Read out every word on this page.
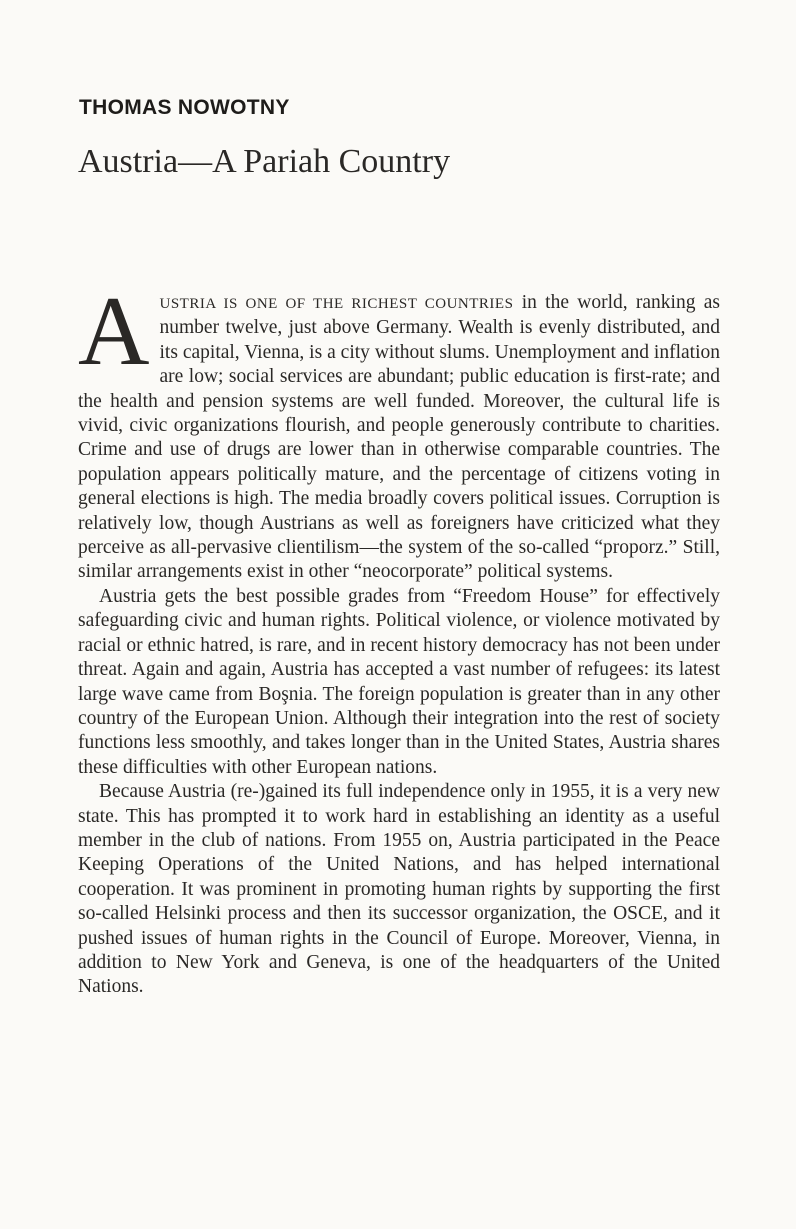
THOMAS NOWOTNY
Austria—A Pariah Country

AUSTRIA IS ONE OF THE RICHEST COUNTRIES in the world, ranking as number twelve, just above Germany. Wealth is evenly distributed, and its capital, Vienna, is a city without slums. Unemployment and inflation are low; social services are abundant; public education is first-rate; and the health and pension systems are well funded. Moreover, the cultural life is vivid, civic organizations flourish, and people generously contribute to charities. Crime and use of drugs are lower than in otherwise comparable countries. The population appears politically mature, and the percentage of citizens voting in general elections is high. The media broadly covers political issues. Corruption is relatively low, though Austrians as well as foreigners have criticized what they perceive as all-pervasive clientilism—the system of the so-called “proporz.” Still, similar arrangements exist in other “neocorporate” political systems.

Austria gets the best possible grades from “Freedom House” for effectively safeguarding civic and human rights. Political violence, or violence motivated by racial or ethnic hatred, is rare, and in recent history democracy has not been under threat. Again and again, Austria has accepted a vast number of refugees: its latest large wave came from Boşnia. The foreign population is greater than in any other country of the European Union. Although their integration into the rest of society functions less smoothly, and takes longer than in the United States, Austria shares these difficulties with other European nations.

Because Austria (re-)gained its full independence only in 1955, it is a very new state. This has prompted it to work hard in establishing an identity as a useful member in the club of nations. From 1955 on, Austria participated in the Peace Keeping Operations of the United Nations, and has helped international cooperation. It was prominent in promoting human rights by supporting the first so-called Helsinki process and then its successor organization, the OSCE, and it pushed issues of human rights in the Council of Europe. Moreover, Vienna, in addition to New York and Geneva, is one of the headquarters of the United Nations.
